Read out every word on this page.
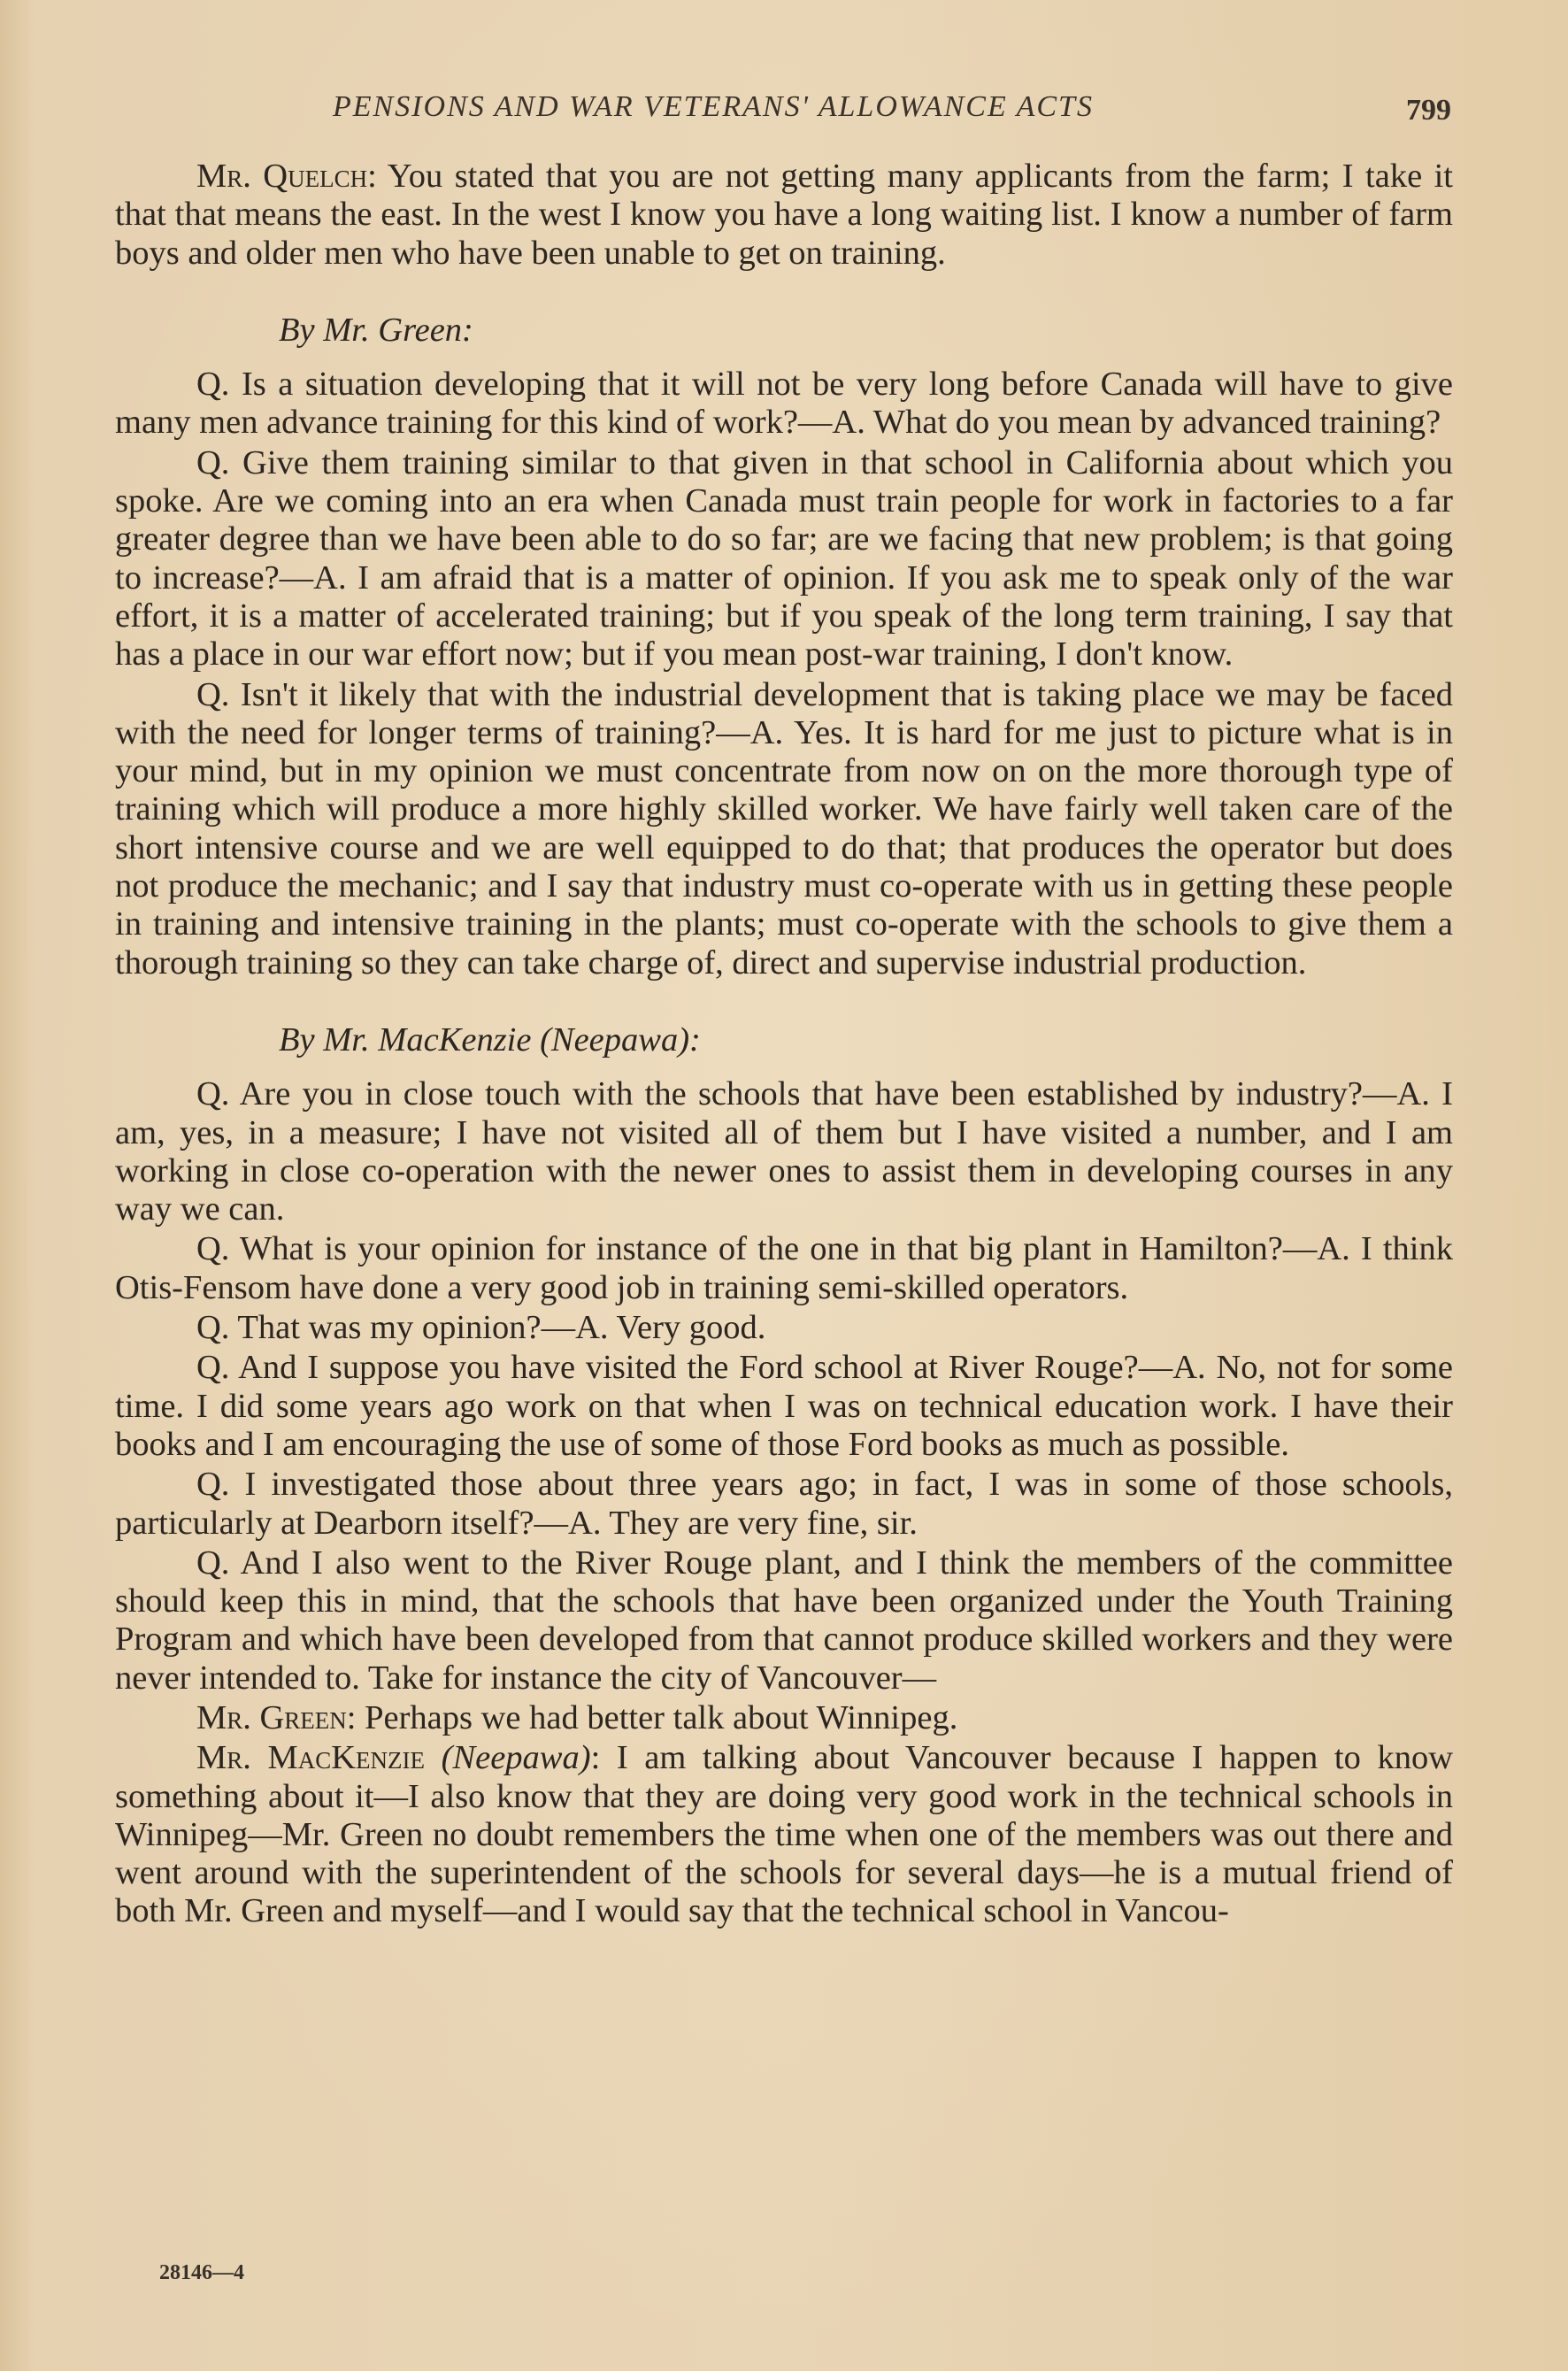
PENSIONS AND WAR VETERANS' ALLOWANCE ACTS	799

Mr. Quelch: You stated that you are not getting many applicants from the farm; I take it that that means the east. In the west I know you have a long waiting list. I know a number of farm boys and older men who have been unable to get on training.

By Mr. Green:

Q. Is a situation developing that it will not be very long before Canada will have to give many men advance training for this kind of work?—A. What do you mean by advanced training?

Q. Give them training similar to that given in that school in California about which you spoke. Are we coming into an era when Canada must train people for work in factories to a far greater degree than we have been able to do so far; are we facing that new problem; is that going to increase?—A. I am afraid that is a matter of opinion. If you ask me to speak only of the war effort, it is a matter of accelerated training; but if you speak of the long term training, I say that has a place in our war effort now; but if you mean post-war training, I don't know.

Q. Isn't it likely that with the industrial development that is taking place we may be faced with the need for longer terms of training?—A. Yes. It is hard for me just to picture what is in your mind, but in my opinion we must concentrate from now on on the more thorough type of training which will produce a more highly skilled worker. We have fairly well taken care of the short intensive course and we are well equipped to do that; that produces the operator but does not produce the mechanic; and I say that industry must co-operate with us in getting these people in training and intensive training in the plants; must co-operate with the schools to give them a thorough training so they can take charge of, direct and supervise industrial production.

By Mr. MacKenzie (Neepawa):

Q. Are you in close touch with the schools that have been established by industry?—A. I am, yes, in a measure; I have not visited all of them but I have visited a number, and I am working in close co-operation with the newer ones to assist them in developing courses in any way we can.

Q. What is your opinion for instance of the one in that big plant in Hamilton?—A. I think Otis-Fensom have done a very good job in training semi-skilled operators.

Q. That was my opinion?—A. Very good.

Q. And I suppose you have visited the Ford school at River Rouge?—A. No, not for some time. I did some years ago work on that when I was on technical education work. I have their books and I am encouraging the use of some of those Ford books as much as possible.

Q. I investigated those about three years ago; in fact, I was in some of those schools, particularly at Dearborn itself?—A. They are very fine, sir.

Q. And I also went to the River Rouge plant, and I think the members of the committee should keep this in mind, that the schools that have been organized under the Youth Training Program and which have been developed from that cannot produce skilled workers and they were never intended to. Take for instance the city of Vancouver—

Mr. Green: Perhaps we had better talk about Winnipeg.

Mr. MacKenzie (Neepawa): I am talking about Vancouver because I happen to know something about it—I also know that they are doing very good work in the technical schools in Winnipeg—Mr. Green no doubt remembers the time when one of the members was out there and went around with the superintendent of the schools for several days—he is a mutual friend of both Mr. Green and myself—and I would say that the technical school in Vancou-

28146—4
